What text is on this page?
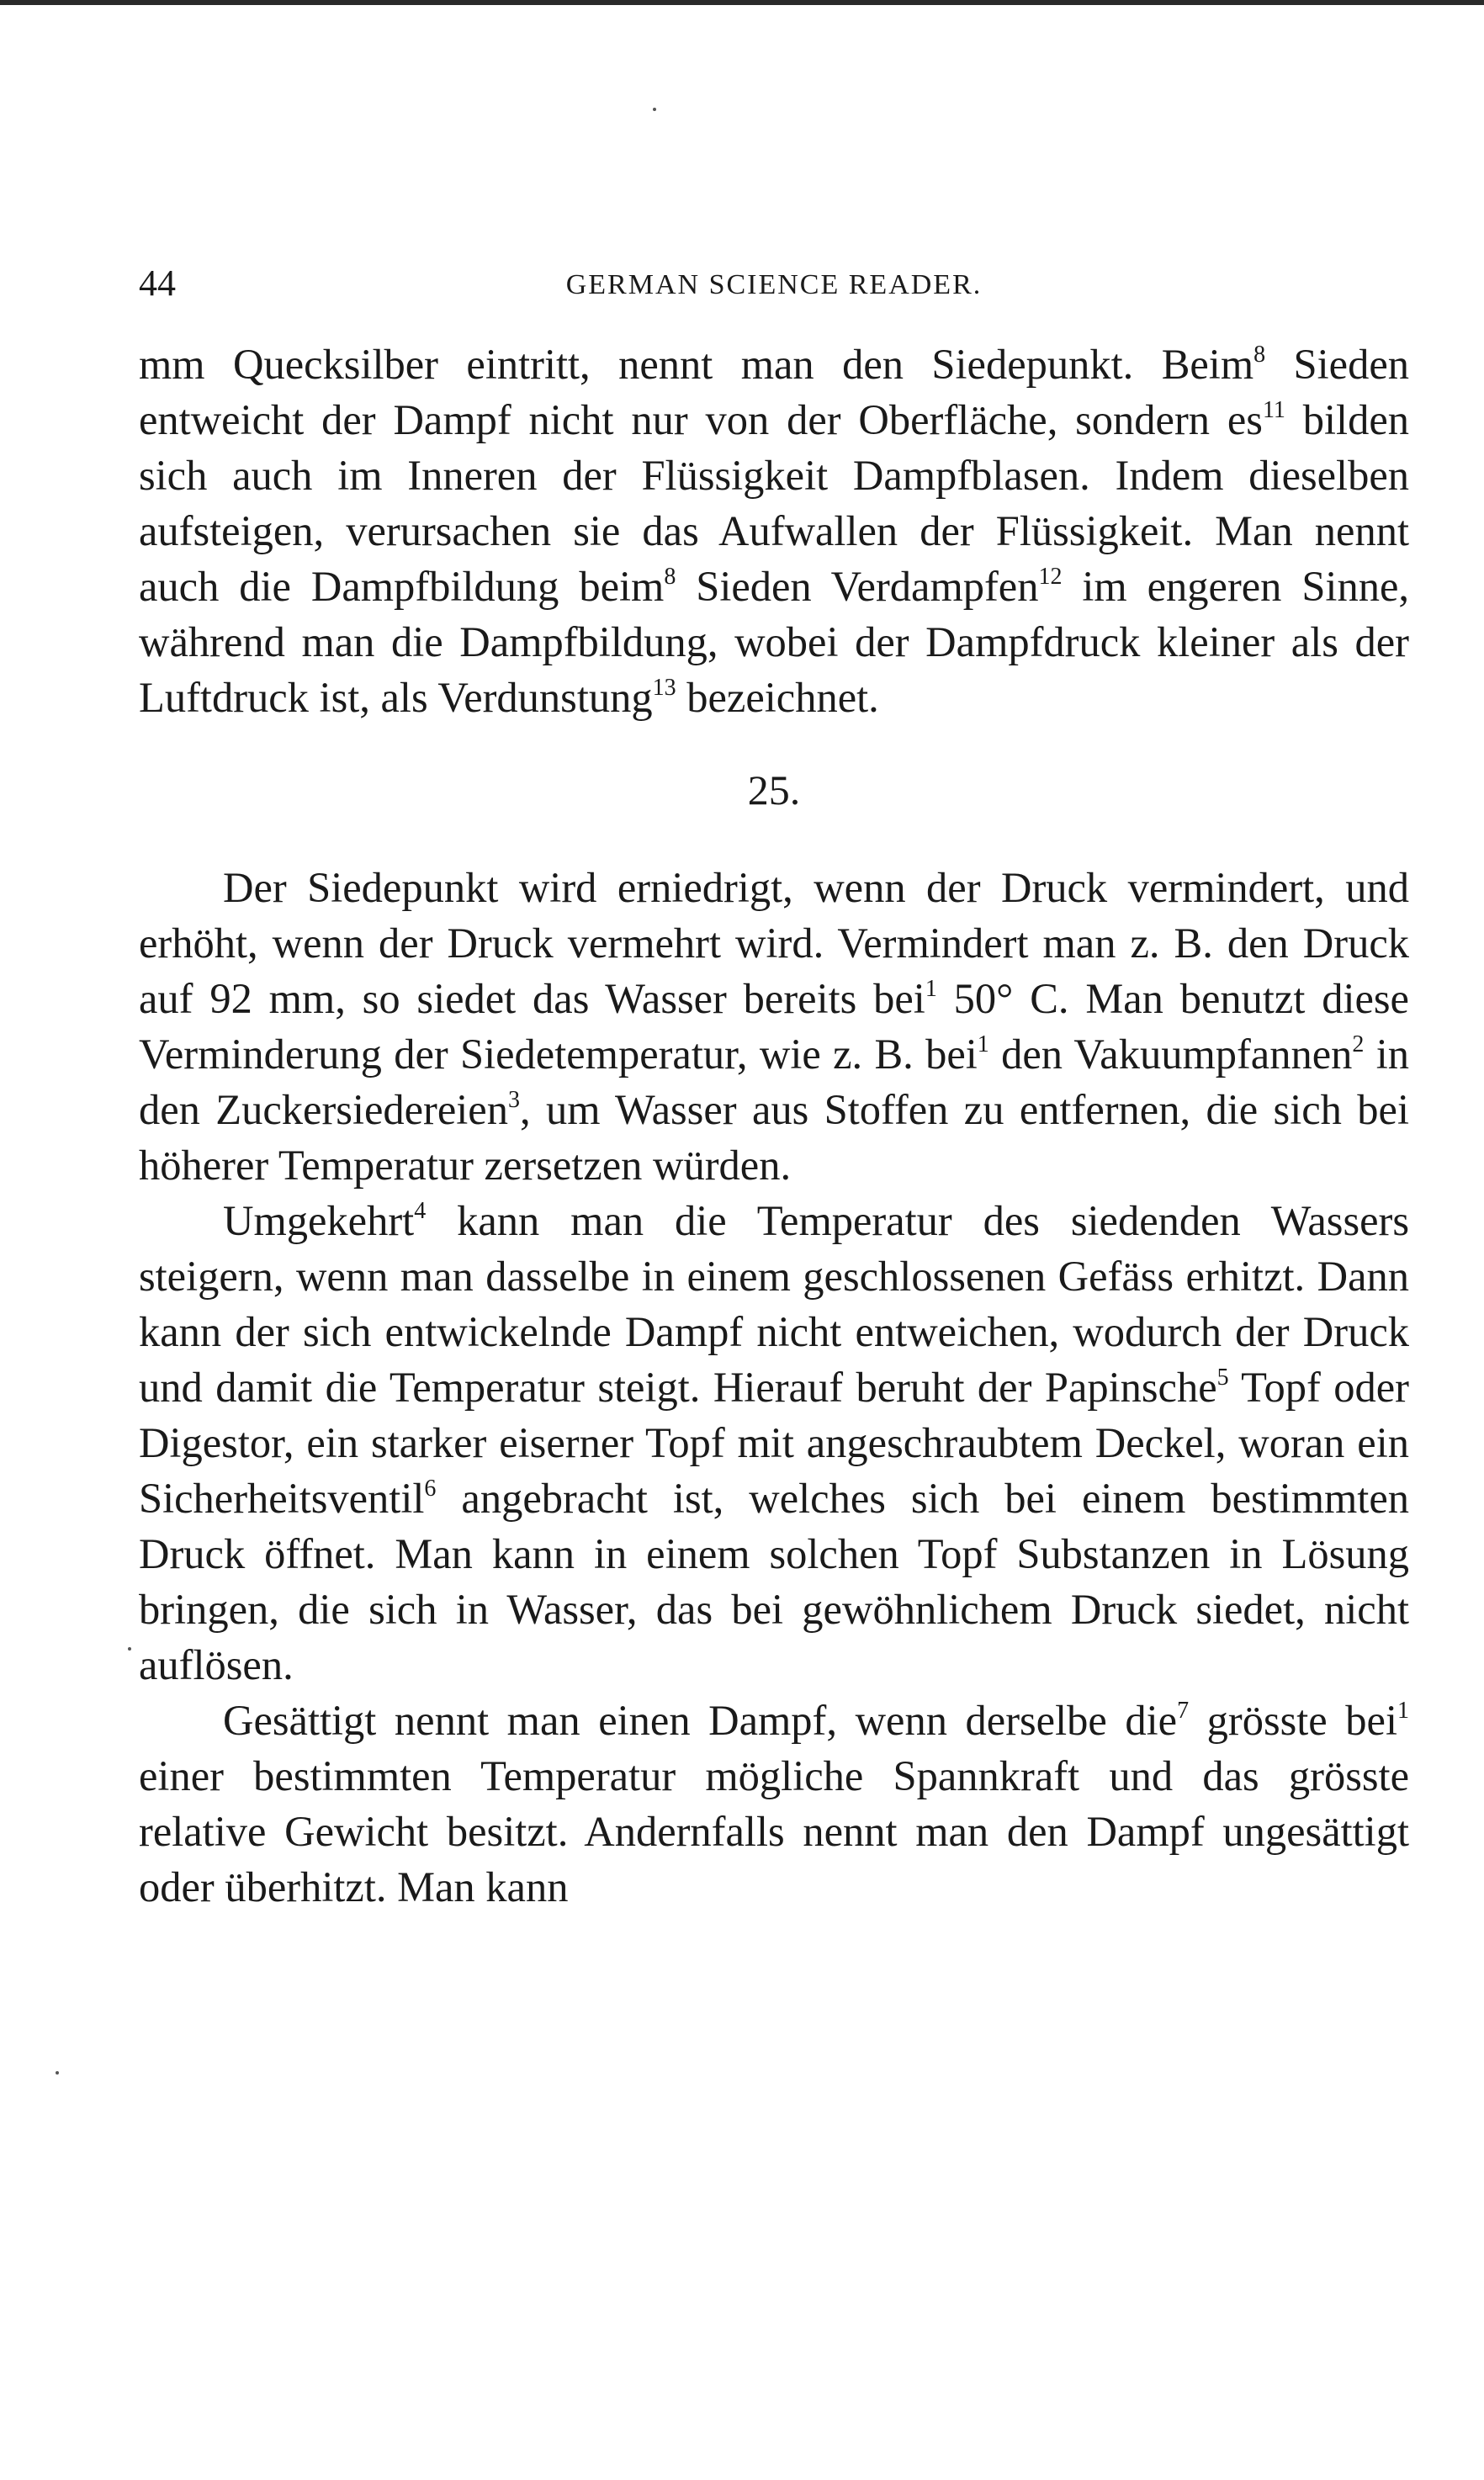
44	GERMAN SCIENCE READER.

mm Quecksilber eintritt, nennt man den Siedepunkt. Beim$^8$ Sieden entweicht der Dampf nicht nur von der Oberfläche, sondern $es^{11}$ bilden sich auch im Inneren der Flüssigkeit Dampfblasen. Indem dieselben aufsteigen, verursachen sie das Aufwallen der Flüssigkeit. Man nennt auch die Dampfbildung beim$^8$ Sieden Verdampfen$^{12}$ im engeren Sinne, während man die Dampfbildung, wobei der Dampfdruck kleiner als der Luftdruck ist, als Verdunstung$^{13}$ bezeichnet.

25.

Der Siedepunkt wird erniedrigt, wenn der Druck vermindert, und erhöht, wenn der Druck vermehrt wird. Vermindert man z. B. den Druck auf 92 mm, so siedet das Wasser bereits bei$^1$ 50° C. Man benutzt diese Verminderung der Siedetemperatur, wie z. B. bei$^1$ den Vakuumpfannen$^2$ in den Zuckersiedereien$^3$, um Wasser aus Stoffen zu entfernen, die sich bei höherer Temperatur zersetzen würden.

Umgekehrt$^4$ kann man die Temperatur des siedenden Wassers steigern, wenn man dasselbe in einem geschlossenen Gefäss erhitzt. Dann kann der sich entwickelnde Dampf nicht entweichen, wodurch der Druck und damit die Temperatur steigt. Hierauf beruht der Papinsche$^5$ Topf oder Digestor, ein starker eiserner Topf mit angeschraubtem Deckel, woran ein Sicherheitsventil$^6$ angebracht ist, welches sich bei einem bestimmten Druck öffnet. Man kann in einem solchen Topf Substanzen in Lösung bringen, die sich in Wasser, das bei gewöhnlichem Druck siedet, nicht auflösen.

Gesättigt nennt man einen Dampf, wenn derselbe die$^7$ grösste bei$^1$ einer bestimmten Temperatur mögliche Spannkraft und das grösste relative Gewicht besitzt. Andernfalls nennt man den Dampf ungesättigt oder überhitzt. Man kann
